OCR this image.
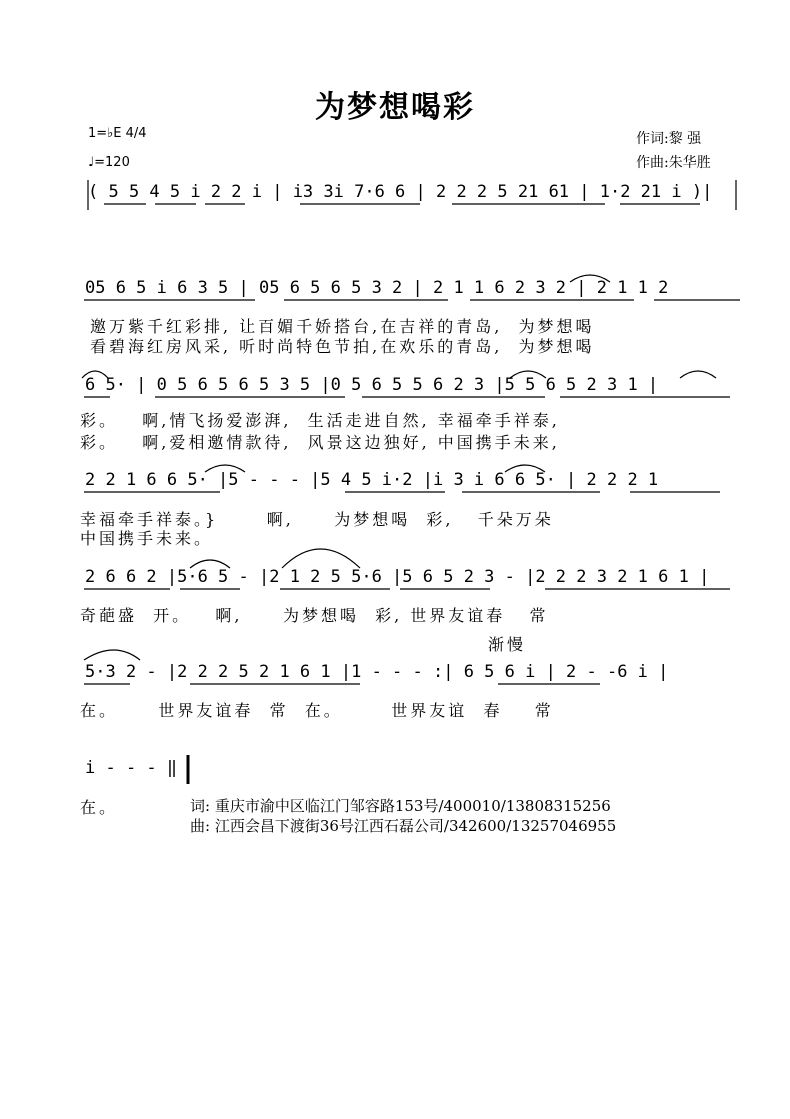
为梦想喝彩
1=♭E 4/4
♩=120
作词:黎 强
作曲:朱华胜
( 5 5 4 5 i 2 2 i | i3 3i 7·6 6 | 2 2 2 5 21 61 | 1·2 21 i )|
05 6 5 i 6 3 5 | 05 6 5 6 5 3 2 | 2 1 1 6 2 3 2 | 2 1 1 2
邀万紫千红彩排, 让百媚千娇搭台,在吉祥的青岛,  为梦想喝
看碧海红房风采, 听时尚特色节拍,在欢乐的青岛,  为梦想喝
6 5· | 0 5 6 5 6 5 3 5 |0 5 6 5 5 6 2 3 |5 5 6 5 2 3 1 |
彩。   啊,情飞扬爱澎湃,  生活走进自然, 幸福牵手祥泰,
彩。   啊,爱相邀情款待,  风景这边独好, 中国携手未来,
2 2 1 6 6 5· |5 - - - |5 4 5 i·2 |i 3 i 6 6 5· | 2 2 2 1
幸福牵手祥泰。}      啊,     为梦想喝  彩,   千朵万朵
中国携手未来。
2 6 6 2 |5·6 5 - |2 1 2 5 5·6 |5 6 5 2 3 - |2 2 2 3 2 1 6 1 |
奇葩盛  开。   啊,     为梦想喝  彩, 世界友谊春   常
渐慢
5·3 2 - |2 2 2 5 2 1 6 1 |1 - - - :| 6 5 6 i | 2 - -6 i |
在。     世界友谊春  常  在。      世界友谊  春    常
i - - - ‖
在。	词: 重庆市渝中区临江门邹容路153号/400010/13808315256
曲: 江西会昌下渡街36号江西石磊公司/342600/13257046955
